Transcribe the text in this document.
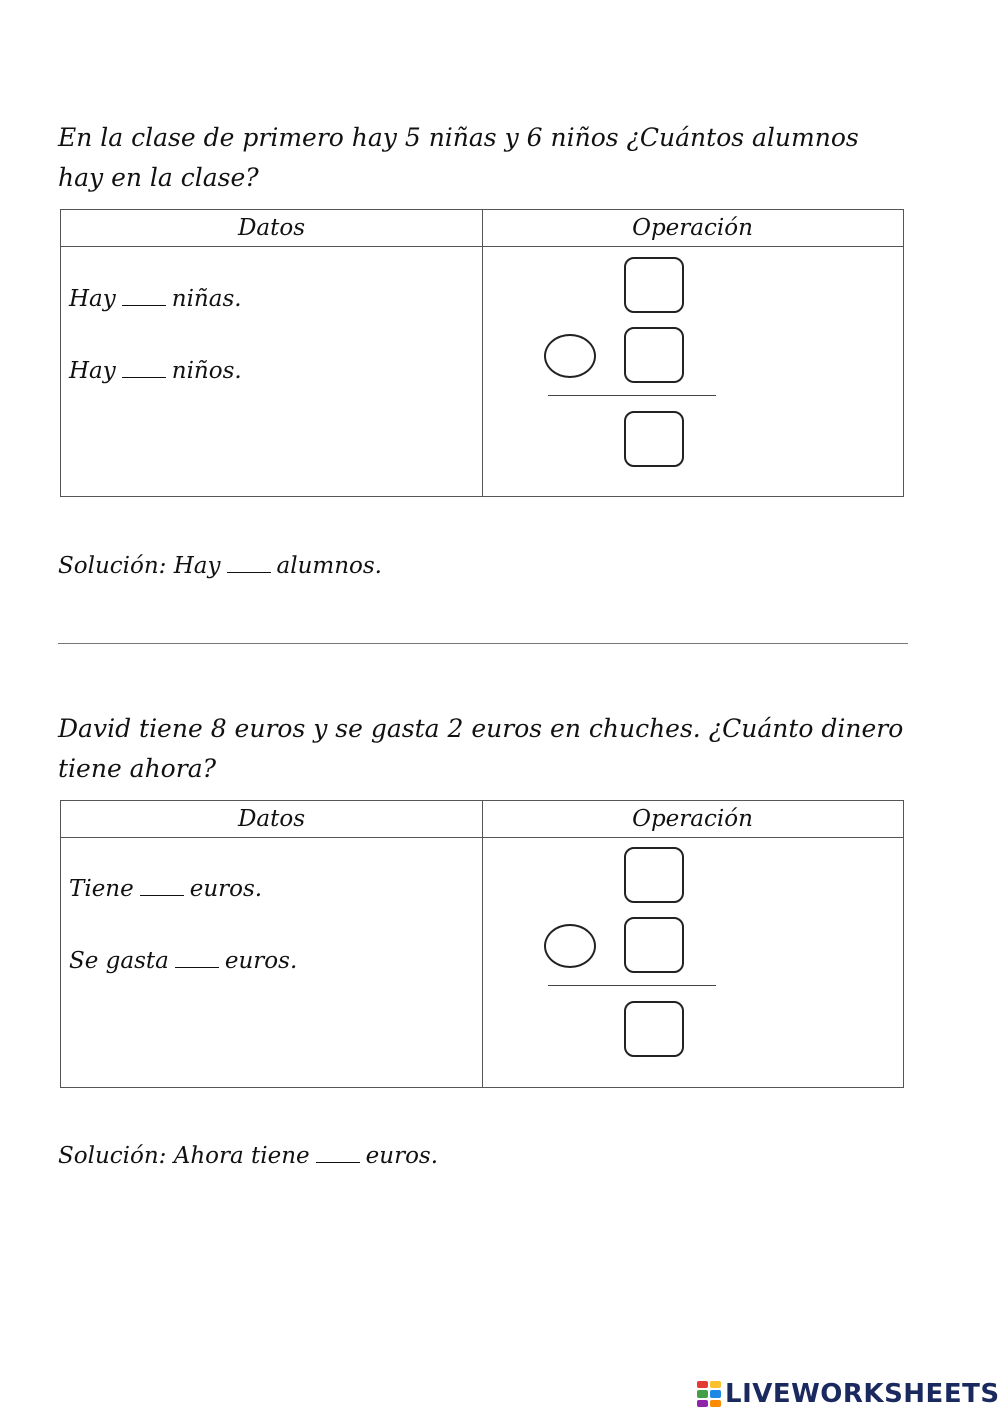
En la clase de primero hay 5 niñas y 6 niños ¿Cuántos alumnos hay en la clase?
Datos	Operación
Hay niñas.
Hay niños.
Solución: Hay alumnos.
David tiene 8 euros y se gasta 2 euros en chuches. ¿Cuánto dinero tiene ahora?
Datos	Operación
Tiene euros.
Se gasta euros.
Solución: Ahora tiene euros.
LIVEWORKSHEETS
